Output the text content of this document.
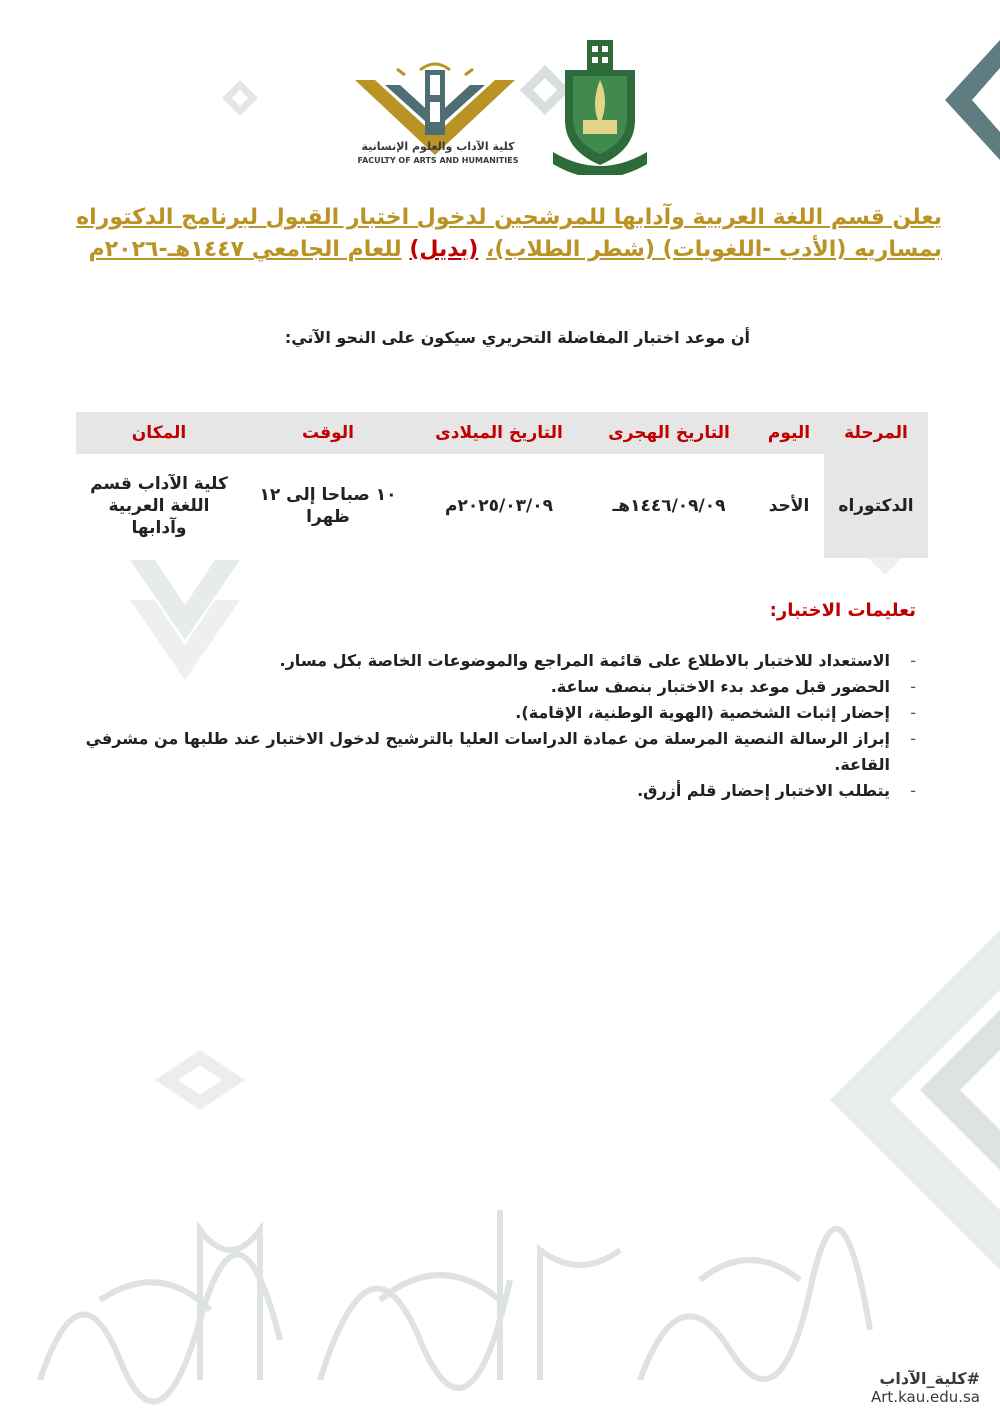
كلية الآداب والعلوم الإنسانية
FACULTY OF ARTS AND HUMANITIES
يعلن قسم اللغة العربية وآدابها للمرشحين لدخول اختبار القبول لبرنامج الدكتوراه
بمساريه (الأدب -اللغويات) (شطر الطلاب)، (بديل) للعام الجامعي ١٤٤٧هـ-٢٠٢٦م
أن موعد اختبار المفاضلة التحريري سيكون على النحو الآتي:
المرحلة	اليوم	التاريخ الهجرى	التاريخ الميلادى	الوقت	المكان
الدكتوراه	الأحد	١٤٤٦/٠٩/٠٩هـ	٢٠٢٥/٠٣/٠٩م	١٠ صباحا إلى ١٢ ظهرا	كلية الآداب قسم اللغة العربية وآدابها
تعليمات الاختبار:
-
الاستعداد للاختبار بالاطلاع على قائمة المراجع والموضوعات الخاصة بكل مسار.
-
الحضور قبل موعد بدء الاختبار بنصف ساعة.
-
إحضار إثبات الشخصية (الهوية الوطنية، الإقامة).
-
إبراز الرسالة النصية المرسلة من عمادة الدراسات العليا بالترشيح لدخول الاختبار عند طلبها من مشرفي القاعة.
-
يتطلب الاختبار إحضار قلم أزرق.
#كلية_الآداب
Art.kau.edu.sa
